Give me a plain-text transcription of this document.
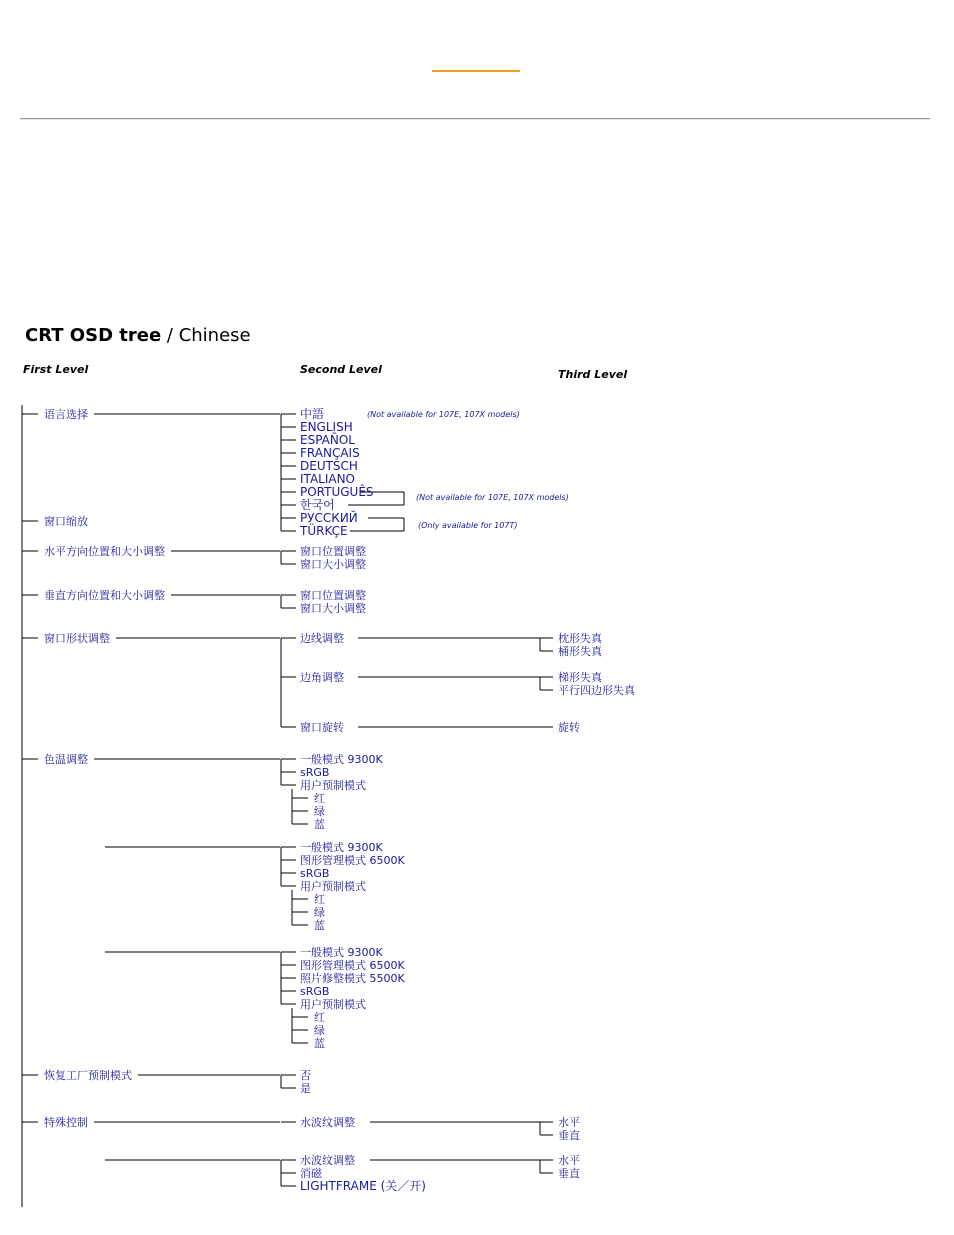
CRT OSD tree / Chinese
First Level	Second Level	Third Level
语言选择
窗口缩放
水平方向位置和大小调整
垂直方向位置和大小调整
窗口形状调整
色温调整
恢复工厂预制模式
特殊控制
中語
ENGLISH
ESPAÑOL
FRANÇAIS
DEUTSCH
ITALIANO
PORTUGUÊS
한국어
РУССКИЙ
TÜRKÇE
(Not available for 107E, 107X models)
(Not available for 107E, 107X models)
(Only available for 107T)
窗口位置调整
窗口大小调整
窗口位置调整
窗口大小调整
边线调整
边角调整
窗口旋转
枕形失真
桶形失真
梯形失真
平行四边形失真
旋转
一般模式 9300K
sRGB
用户预制模式
红
绿
蓝
一般模式 9300K
图形管理模式 6500K
sRGB
用户预制模式
红
绿
蓝
一般模式 9300K
图形管理模式 6500K
照片修整模式 5500K
sRGB
用户预制模式
红
绿
蓝
否
是
水波纹调整	水平
垂直
水波纹调整
消磁
LIGHTFRAME (关／开)
水平
垂直
